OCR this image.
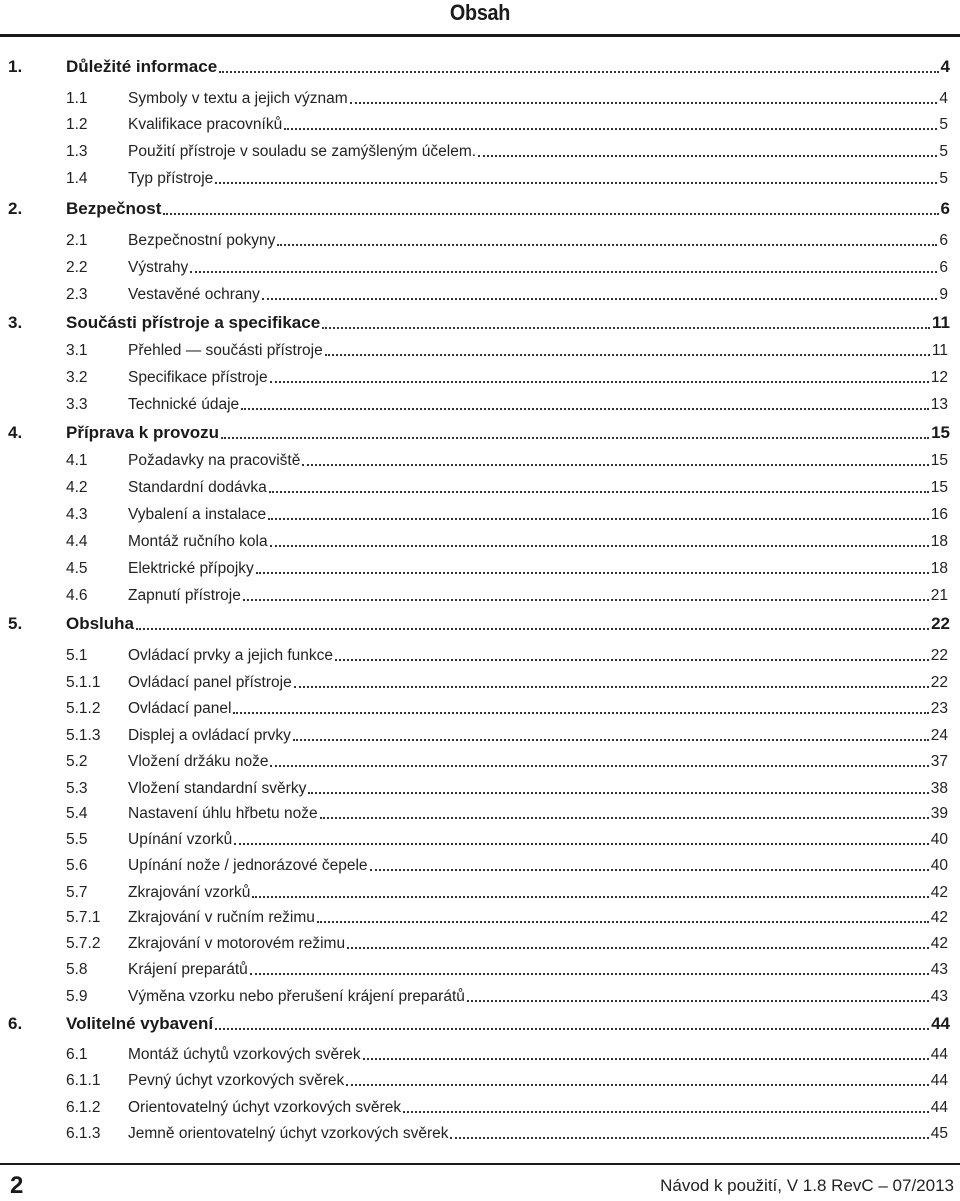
Obsah
1.	Důležité informace	4
1.1	Symboly v textu a jejich význam	4
1.2	Kvalifikace pracovníků	5
1.3	Použití přístroje v souladu se zamýšleným účelem.	5
1.4	Typ přístroje	5
2.	Bezpečnost	6
2.1	Bezpečnostní pokyny	6
2.2	Výstrahy	6
2.3	Vestavěné ochrany	9
3.	Součásti přístroje a specifikace	11
3.1	Přehled — součásti přístroje	11
3.2	Specifikace přístroje	12
3.3	Technické údaje	13
4.	Příprava k provozu	15
4.1	Požadavky na pracoviště	15
4.2	Standardní dodávka	15
4.3	Vybalení a instalace	16
4.4	Montáž ručního kola	18
4.5	Elektrické přípojky	18
4.6	Zapnutí přístroje	21
5.	Obsluha	22
5.1	Ovládací prvky a jejich funkce	22
5.1.1 Ovládací panel přístroje	22
5.1.2 Ovládací panel	23
5.1.3 Displej a ovládací prvky	24
5.2	Vložení držáku nože	37
5.3	Vložení standardní svěrky	38
5.4	Nastavení úhlu hřbetu nože	39
5.5	Upínání vzorků	40
5.6	Upínání nože / jednorázové čepele	40
5.7	Zkrajování vzorků	42
5.7.1 Zkrajování v ručním režimu	42
5.7.2 Zkrajování v motorovém režimu	42
5.8	Krájení preparátů	43
5.9	Výměna vzorku nebo přerušení krájení preparátů	43
6.	Volitelné vybavení	44
6.1	Montáž úchytů vzorkových svěrek	44
6.1.1 Pevný úchyt vzorkových svěrek	44
6.1.2 Orientovatelný úchyt vzorkových svěrek	44
6.1.3 Jemně orientovatelný úchyt vzorkových svěrek	45
2	Návod k použití, V 1.8 RevC – 07/2013
